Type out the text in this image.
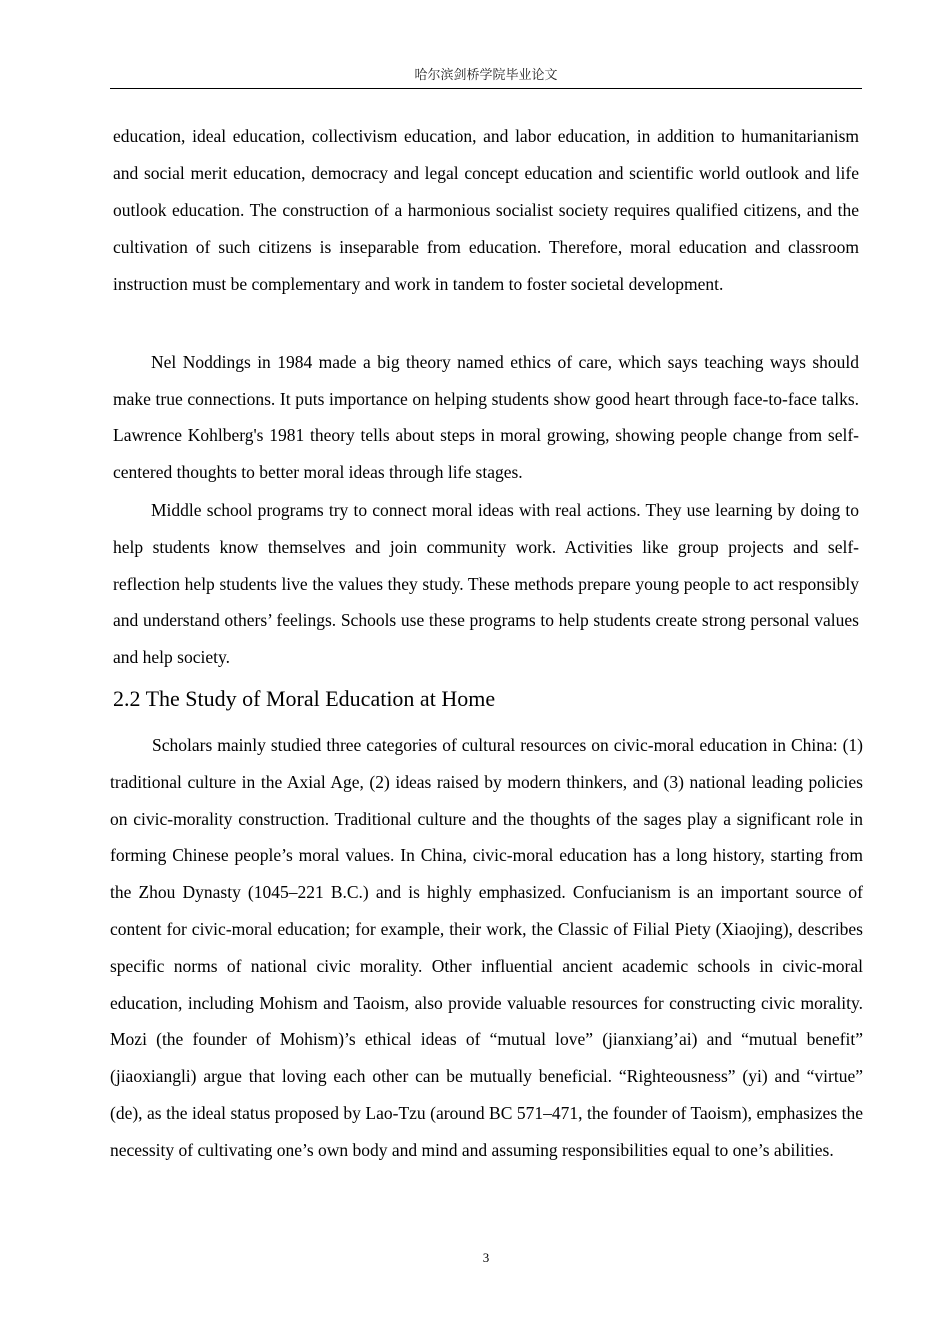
哈尔滨剑桥学院毕业论文

education, ideal education, collectivism education, and labor education, in addition to humanitarianism and social merit education, democracy and legal concept education and scientific world outlook and life outlook education. The construction of a harmonious socialist society requires qualified citizens, and the cultivation of such citizens is inseparable from education. Therefore, moral education and classroom instruction must be complementary and work in tandem to foster societal development.

Nel Noddings in 1984 made a big theory named ethics of care, which says teaching ways should make true connections. It puts importance on helping students show good heart through face-to-face talks. Lawrence Kohlberg's 1981 theory tells about steps in moral growing, showing people change from self-centered thoughts to better moral ideas through life stages.

Middle school programs try to connect moral ideas with real actions. They use learning by doing to help students know themselves and join community work. Activities like group projects and self-reflection help students live the values they study. These methods prepare young people to act responsibly and understand others’ feelings. Schools use these programs to help students create strong personal values and help society.

2.2 The Study of Moral Education at Home

Scholars mainly studied three categories of cultural resources on civic-moral education in China: (1) traditional culture in the Axial Age, (2) ideas raised by modern thinkers, and (3) national leading policies on civic-morality construction. Traditional culture and the thoughts of the sages play a significant role in forming Chinese people’s moral values. In China, civic-moral education has a long history, starting from the Zhou Dynasty (1045–221 B.C.) and is highly emphasized. Confucianism is an important source of content for civic-moral education; for example, their work, the Classic of Filial Piety (Xiaojing), describes specific norms of national civic morality. Other influential ancient academic schools in civic-moral education, including Mohism and Taoism, also provide valuable resources for constructing civic morality. Mozi (the founder of Mohism)’s ethical ideas of “mutual love” (jianxiang’ai) and “mutual benefit” (jiaoxiangli) argue that loving each other can be mutually beneficial. “Righteousness” (yi) and “virtue” (de), as the ideal status proposed by Lao-Tzu (around BC 571–471, the founder of Taoism), emphasizes the necessity of cultivating one’s own body and mind and assuming responsibilities equal to one’s abilities.

3
